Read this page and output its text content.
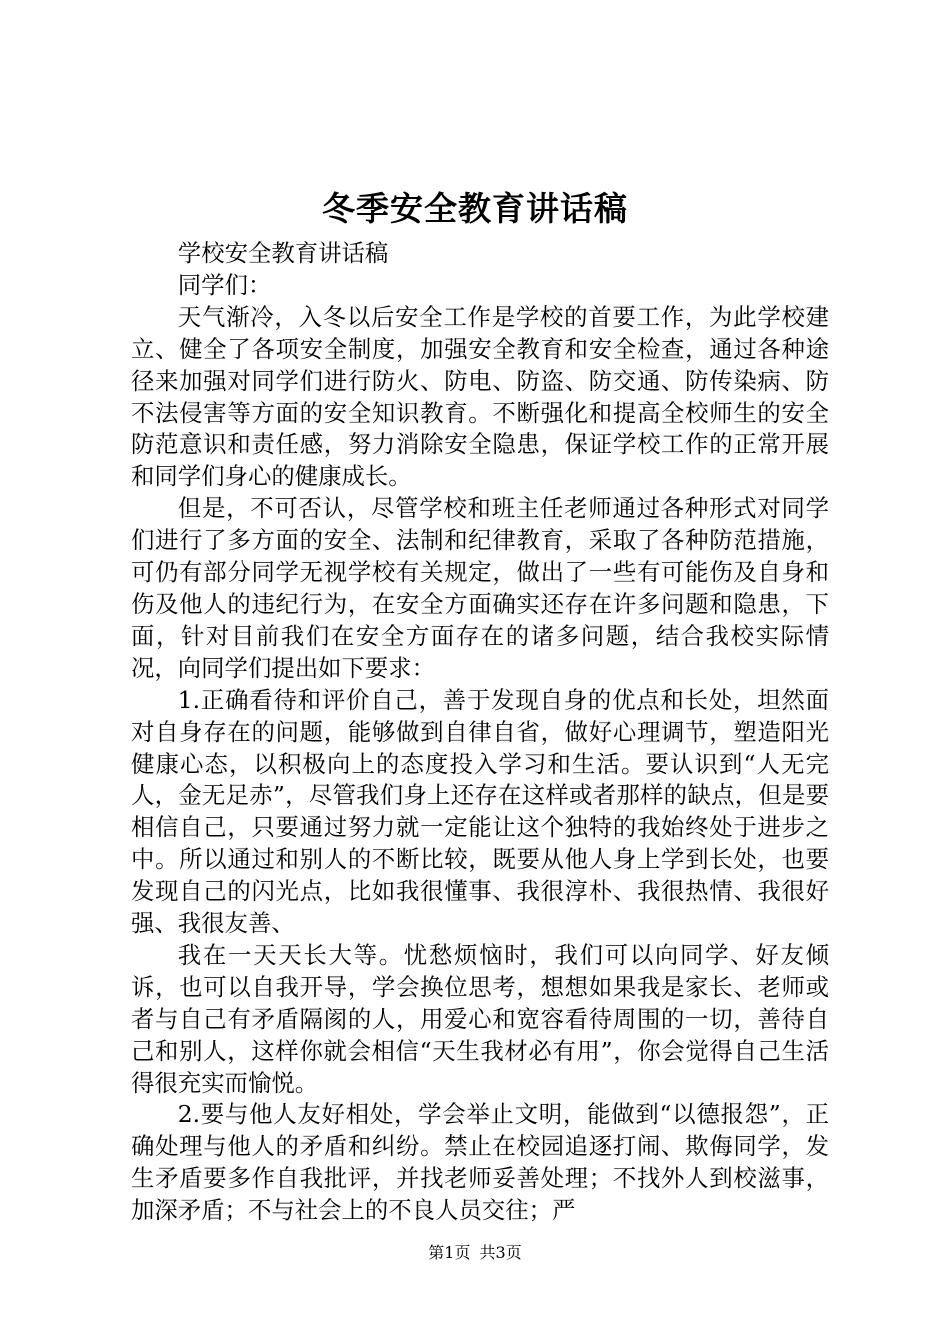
冬季安全教育讲话稿

学校安全教育讲话稿

同学们：

天气渐冷，入冬以后安全工作是学校的首要工作，为此学校建立、健全了各项安全制度，加强安全教育和安全检查，通过各种途径来加强对同学们进行防火、防电、防盗、防交通、防传染病、防不法侵害等方面的安全知识教育。不断强化和提高全校师生的安全防范意识和责任感，努力消除安全隐患，保证学校工作的正常开展和同学们身心的健康成长。

但是，不可否认，尽管学校和班主任老师通过各种形式对同学们进行了多方面的安全、法制和纪律教育，采取了各种防范措施，可仍有部分同学无视学校有关规定，做出了一些有可能伤及自身和伤及他人的违纪行为，在安全方面确实还存在许多问题和隐患，下面，针对目前我们在安全方面存在的诸多问题，结合我校实际情况，向同学们提出如下要求：

1.正确看待和评价自己，善于发现自身的优点和长处，坦然面对自身存在的问题，能够做到自律自省，做好心理调节，塑造阳光健康心态，以积极向上的态度投入学习和生活。要认识到“人无完人，金无足赤”，尽管我们身上还存在这样或者那样的缺点，但是要相信自己，只要通过努力就一定能让这个独特的我始终处于进步之中。所以通过和别人的不断比较，既要从他人身上学到长处，也要发现自己的闪光点，比如我很懂事、我很淳朴、我很热情、我很好强、我很友善、

我在一天天长大等。忧愁烦恼时，我们可以向同学、好友倾诉，也可以自我开导，学会换位思考，想想如果我是家长、老师或者与自己有矛盾隔阂的人，用爱心和宽容看待周围的一切，善待自己和别人，这样你就会相信“天生我材必有用”，你会觉得自己生活得很充实而愉悦。

2.要与他人友好相处，学会举止文明，能做到“以德报怨”，正确处理与他人的矛盾和纠纷。禁止在校园追逐打闹、欺侮同学，发生矛盾要多作自我批评，并找老师妥善处理；不找外人到校滋事，加深矛盾；不与社会上的不良人员交往；严

第1页 共3页
